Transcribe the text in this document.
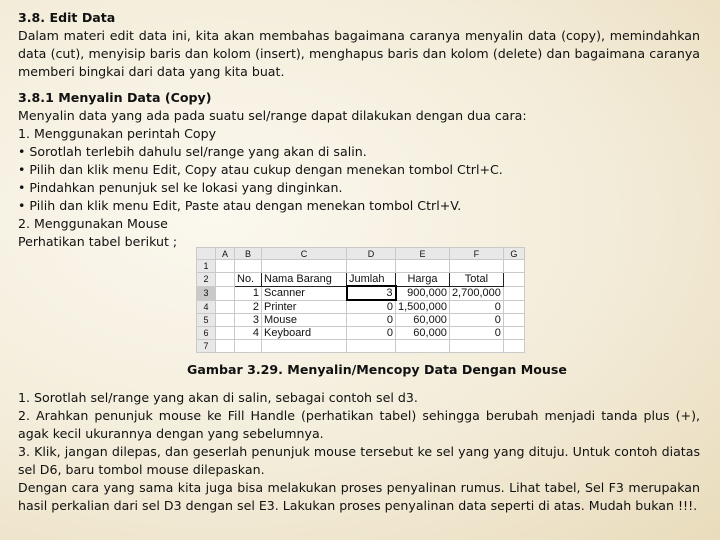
3.8. Edit Data
Dalam materi edit data ini, kita akan membahas bagaimana caranya menyalin data (copy), memindahkan data (cut), menyisip baris dan kolom (insert), menghapus baris dan kolom (delete) dan bagaimana caranya memberi bingkai dari data yang kita buat.
3.8.1 Menyalin Data (Copy)
Menyalin data yang ada pada suatu sel/range dapat dilakukan dengan dua cara:
1. Menggunakan perintah Copy
• Sorotlah terlebih dahulu sel/range yang akan di salin.
• Pilih dan klik menu Edit, Copy atau cukup dengan menekan tombol Ctrl+C.
• Pindahkan penunjuk sel ke lokasi yang dinginkan.
• Pilih dan klik menu Edit, Paste atau dengan menekan tombol Ctrl+V.
2. Menggunakan Mouse
Perhatikan tabel berikut ;
	A	B	C	D	E	F	G
1							
2		No.	Nama Barang	Jumlah	Harga	Total	
3		1	Scanner	3	900,000	2,700,000	
4		2	Printer	0	1,500,000	0	
5		3	Mouse	0	60,000	0	
6		4	Keyboard	0	60,000	0	
7							
Gambar 3.29. Menyalin/Mencopy Data Dengan Mouse
1. Sorotlah sel/range yang akan di salin, sebagai contoh sel d3.
2. Arahkan penunjuk mouse ke Fill Handle (perhatikan tabel) sehingga berubah menjadi tanda plus (+), agak kecil ukurannya dengan yang sebelumnya.
3. Klik, jangan dilepas, dan geserlah penunjuk mouse tersebut ke sel yang yang dituju. Untuk contoh diatas sel D6, baru tombol mouse dilepaskan.
Dengan cara yang sama kita juga bisa melakukan proses penyalinan rumus. Lihat tabel, Sel F3 merupakan hasil perkalian dari sel D3 dengan sel E3. Lakukan proses penyalinan data seperti di atas. Mudah bukan !!!.
